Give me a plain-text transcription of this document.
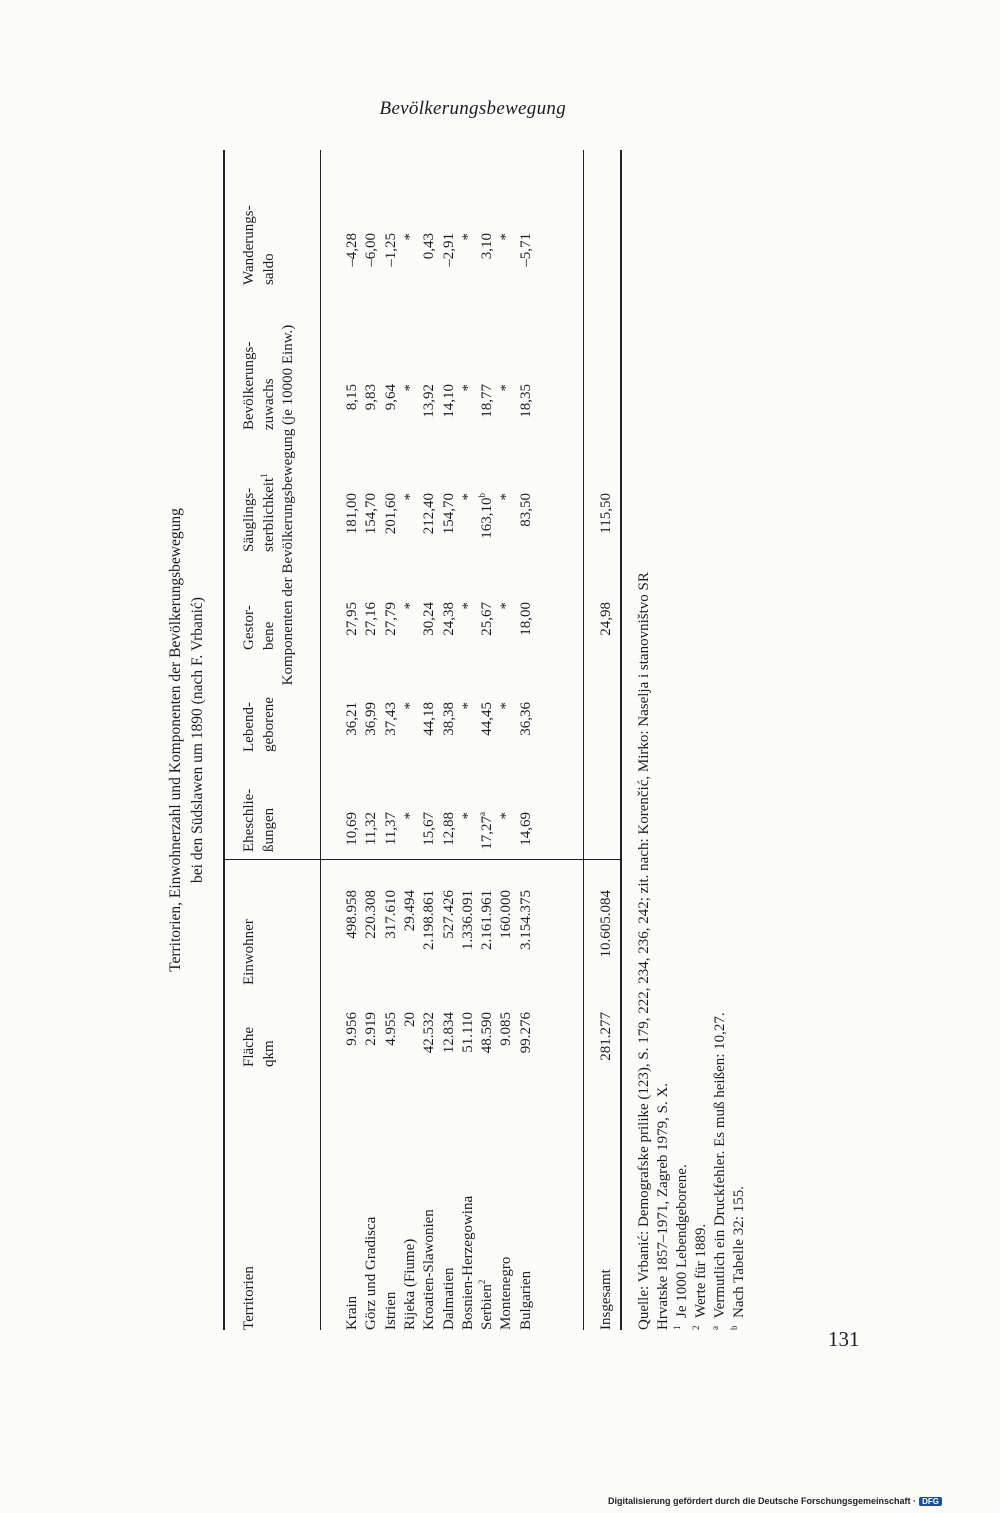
Bevölkerungsbewegung
Territorien, Einwohnerzahl und Komponenten der Bevölkerungsbewegung bei den Südslawen um 1890 (nach F. Vrbanić)
Territorien
Fläche qkm
Einwohner
Eheschlie- ßungen
Lebend- geborene
Gestor- bene
Säuglings- sterblichkeit$^1$
Bevölkerungs- zuwachs
Wanderungs- saldo
Komponenten der Bevölkerungsbewegung (je 10000 Einw.)
Krain
9.956
498.958
10,69
36,21
27,95
181,00
8,15
–4,28
Görz und Gradisca
2.919
220.308
11,32
36,99
27,16
154,70
9,83
–6,00
Istrien
4.955
317.610
11,37
37,43
27,79
201,60
9,64
–1,25
Rijeka (Fiume)
20
29.494
*
*
*
*
*
*
Kroatien-Slawonien
42.532
2.198.861
15,67
44,18
30,24
212,40
13,92
0,43
Dalmatien
12.834
527.426
12,88
38,38
24,38
154,70
14,10
–2,91
Bosnien-Herzegowina
51.110
1.336.091
*
*
*
*
*
*
Serbien$^2$
48.590
2.161.961
17,27$^a$
44,45
25,67
163,10$^b$
18,77
3,10
Montenegro
9.085
160.000
*
*
*
*
*
*
Bulgarien
99.276
3.154.375
14,69
36,36
18,00
83,50
18,35
–5,71
Insgesamt
281.277
10.605.084
24,98
115,50
Quelle: Vrbanić: Demografske prilike (123), S. 179, 222, 234, 236, 242; zit. nach: Korenčić, Mirko: Naselja i stanovništvo SR Hrvatske 1857–1971, Zagreb 1979, S. X. $^1$  Je 1000 Lebendgeborene.
$^2$  Werte für 1889.
$^a$  Vermutlich ein Druckfehler. Es muß heißen: 10,27.
$^b$  Nach Tabelle 32: 155.
131
Digitalisierung gefördert durch die Deutsche Forschungsgemeinschaft · DFG
